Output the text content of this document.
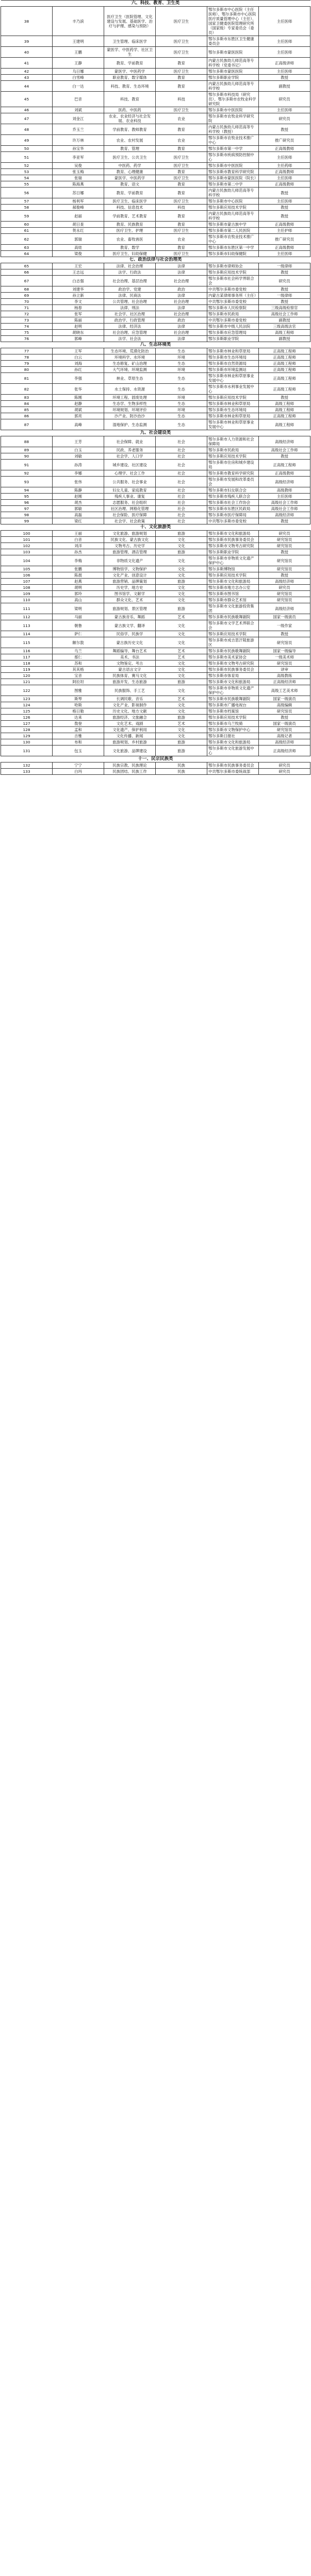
六、科技、教育、卫生类					
38	丰乃滨	医疗卫生（医院管理、文化建设与发展、基础医学、治疗与护理、感染与预防）	医疗卫生	鄂尔多斯市中心医院（主任医师）、鄂尔多斯市中心医院医疗质量管理中心（主任）、国家卫健委医院管理研究所（国家级）专家委员会（委员）	主任医师
39	王建明	卫生管理、临床医学	医疗卫生	鄂尔多斯市东胜区卫生健康委员会	主任医师
40	王鹏	蒙医学、中医药学、社区卫生	医疗卫生	鄂尔多斯市蒙医医院	主任医师
41	王静	教育、学前教育	教育	内蒙古民族幼儿师范高等专科学校（党委书记）	正高级讲师
42	乌日娜	蒙医学、中医药学	医疗卫生	鄂尔多斯市蒙医医院	主任医师
43	白雪峰	职业教育、数字媒体	教育	鄂尔多斯职业学院	教授
44	白一达	科技、教育、生态环境	教育	内蒙古民族幼儿师范高等专科学校	副教授
45	巴音	科技、教育	科技	鄂尔多斯市科技局（研究员）、鄂尔多斯市农牧业科学研究院	研究员
46	刘斌	医药、中医药	医疗卫生	鄂尔多斯市中医医院	主任医师
47	刘金江	农业、农业经济与社会发展、农业科技	农业	鄂尔多斯市农牧业科学研究院	研究员
48	乔玉兰	学前教育、教师教育	教育	内蒙古民族幼儿师范高等专科学校（教授）	教授
49	许万林	农业、农村发展	农业	鄂尔多斯市农牧业技术推广中心	推广研究员
50	孙宝华	教育、管理	教育	鄂尔多斯市第一中学	正高级教师
51	李亚军	医疗卫生、公共卫生	医疗卫生	鄂尔多斯市疾病预防控制中心	主任医师
52	吴俊	中医药、药学	医疗卫生	鄂尔多斯市中医医院	主任药师
53	张玉梅	教育、心理健康	教育	鄂尔多斯市教育科学研究院	正高级教师
54	张瑞	蒙医学、中医药学	医疗卫生	鄂尔多斯市蒙医医院（院长）	主任医师
55	陈海燕	教育、语文	教育	鄂尔多斯市第二中学	正高级教师
56	苏日娜	教育、学前教育	教育	内蒙古民族幼儿师范高等专科学校	教授
57	杨利军	医疗卫生、临床医学	医疗卫生	鄂尔多斯市中心医院	主任医师
58	郝俊峰	科技、信息技术	科技	鄂尔多斯应用技术学院	教授
59	赵丽	学前教育、艺术教育	教育	内蒙古民族幼儿师范高等专科学校	教授
60	胡日查	教育、民族教育	教育	鄂尔多斯市蒙古族中学	正高级教师
61	贺永红	医疗卫生、护理	医疗卫生	鄂尔多斯市第二人民医院	主任护师
62	郭瑞	农业、畜牧兽医	农业	鄂尔多斯市农牧业技术推广中心	推广研究员
63	高娃	教育、数学	教育	鄂尔多斯市东胜区第一中学	正高级教师
64	梁俊	医疗卫生、妇幼保健	医疗卫生	鄂尔多斯市妇幼保健院	主任医师
七、政治法律与社会治理类					
65	王宏	法律、社会治理	法律	鄂尔多斯市律师协会	一级律师
66	王志远	法学、行政法	法律	鄂尔多斯应用技术学院	教授
67	白志强	社会治理、基层治理	社会治理	鄂尔多斯市社会科学界联合会	研究员
68	刘建华	政治学、党建	政治	中共鄂尔多斯市委党校	教授
69	孙立新	法律、民商法	法律	内蒙古某律师事务所（主任）	一级律师
70	李文	公共管理、社会治理	社会治理	中共鄂尔多斯市委党校	教授
71	杨春	法律、刑法	法律	鄂尔多斯市人民检察院	三级高级检察官
72	张军	社会学、社区治理	社会治理	鄂尔多斯市民政局	高级社会工作师
73	陈丽	政治学、行政管理	政治	中共鄂尔多斯市委党校	副教授
74	赵明	法律、经济法	法律	鄂尔多斯市中级人民法院	三级高级法官
75	胡晓东	社会治理、应急管理	社会治理	鄂尔多斯市应急管理局	高级工程师
76	郭峰	法学、社会法	法律	鄂尔多斯职业学院	副教授
八、生态环境类					
77	王军	生态环境、荒漠化防治	生态	鄂尔多斯市林业和草原局	正高级工程师
78	白云	环境科学、水环境	环境	鄂尔多斯市生态环境局	正高级工程师
79	刘海	生态修复、矿山治理	生态	鄂尔多斯市自然资源局	正高级工程师
80	孙红	大气环境、环境监测	环境	鄂尔多斯市环境监测站	正高级工程师
81	李强	林业、草原生态	生态	鄂尔多斯市林业和草原事业发展中心	正高级工程师
82	张华	水土保持、水资源	生态	鄂尔多斯市水利事业发展中心	正高级工程师
83	陈刚	环境工程、固废处理	环境	鄂尔多斯应用技术学院	教授
84	赵静	生态学、生物多样性	生态	鄂尔多斯市林业和草原局	高级工程师
85	胡斌	环境规划、环境评价	环境	鄂尔多斯市生态环境局	高级工程师
86	郭亮	沙产业、防沙治沙	生态	鄂尔多斯市林业和草原局	正高级工程师
87	高峰	湿地保护、生态监测	生态	鄂尔多斯市林业和草原事业发展中心	高级工程师
九、社会建设类					
88	王芳	社会保障、就业	社会	鄂尔多斯市人力资源和社会保障局	高级经济师
89	白玉	民政、养老服务	社会	鄂尔多斯市民政局	高级社会工作师
90	刘敏	社会学、人口学	社会	鄂尔多斯应用技术学院	教授
91	孙涛	城乡建设、社区建设	社会	鄂尔多斯市住房和城乡建设局	正高级工程师
92	李娜	心理学、社会工作	社会	鄂尔多斯市教育科学研究院	正高级教师
93	张伟	公共服务、社会事业	社会	鄂尔多斯市发展和改革委员会	高级经济师
94	陈静	妇女儿童、家庭教育	社会	鄂尔多斯市妇女联合会	高级教师
95	赵刚	残疾人事业、康复	社会	鄂尔多斯市残疾人联合会	主任医师
96	胡杰	志愿服务、社会组织	社会	鄂尔多斯市社会工作协会	高级社会工作师
97	郭敏	社区治理、网格化管理	社会	鄂尔多斯市东胜区民政局	高级社会工作师
98	高磊	社会保险、医疗保障	社会	鄂尔多斯市医疗保障局	高级经济师
99	梁红	社会学、社会政策	社会	中共鄂尔多斯市委党校	教授
十、文化旅游类					
100	王丽	文化旅游、旅游规划	旅游	鄂尔多斯市文化和旅游局	研究员
101	白音	民族文化、蒙古族文化	文化	鄂尔多斯市民族事务委员会	研究馆员
102	刘洋	文物考古、历史学	文化	鄂尔多斯市文物考古研究院	研究馆员
103	孙杰	旅游管理、酒店管理	旅游	鄂尔多斯职业学院	教授
104	李梅	非物质文化遗产	文化	鄂尔多斯市非物质文化遗产保护中心	研究馆员
105	张鹏	博物馆学、文物保护	文化	鄂尔多斯博物馆	研究馆员
106	陈晨	文化产业、创意设计	文化	鄂尔多斯应用技术学院	教授
107	赵燕	旅游营销、品牌策划	旅游	鄂尔多斯市文化和旅游局	高级经济师
108	胡明	历史学、地方史	文化	鄂尔多斯市地方志办公室	研究员
109	郭玲	图书馆学、文献学	文化	鄂尔多斯市图书馆	研究馆员
110	高山	群众文化、艺术	文化	鄂尔多斯市群众艺术馆	研究馆员
111	梁明	旅游规划、景区管理	旅游	鄂尔多斯市文化旅游投资集团	高级经济师
112	马丽	蒙古族音乐、舞蹈	艺术	鄂尔多斯市民族歌舞剧院	国家一级演员
113	朝鲁	蒙古族文学、翻译	文化	鄂尔多斯市文学艺术界联合会	一级作家
114	萨仁	民俗学、民族学	文化	鄂尔多斯应用技术学院	教授
115	额尔敦	蒙古族历史文化	文化	鄂尔多斯市成吉思汗陵旅游区	研究馆员
116	乌兰	舞蹈编导、舞台艺术	艺术	鄂尔多斯市民族歌舞剧院	国家一级编导
117	那仁	美术、书法	艺术	鄂尔多斯市美术家协会	一级美术师
118	苏和	文物鉴定、考古	文化	鄂尔多斯市文物考古研究院	研究馆员
119	其其格	蒙古语言文字	文化	鄂尔多斯市民族事务委员会	译审
120	宝音	民族体育、赛马文化	文化	鄂尔多斯市体育局	高级教练
121	阿拉坦	旅游开发、生态旅游	旅游	鄂尔多斯市文化和旅游局	正高级经济师
122	图雅	民族服饰、手工艺	文化	鄂尔多斯市非物质文化遗产保护中心	高级工艺美术师
123	斯琴	长调民歌、音乐	艺术	鄂尔多斯市民族歌舞剧院	国家一级演员
124	哈斯	文化产业、影视制作	文化	鄂尔多斯市广播电视台	高级编辑
125	格日勒	历史文化、地方文献	文化	鄂尔多斯市档案馆	研究馆员
126	达来	旅游经济、文旅融合	旅游	鄂尔多斯应用技术学院	教授
127	敖登	文化艺术、戏剧	艺术	鄂尔多斯市乌兰牧骑	国家一级演员
128	孟和	文化遗产、保护利用	文化	鄂尔多斯市文物保护中心	研究馆员
129	吉雅	文化传播、新闻	文化	鄂尔多斯日报社	高级记者
130	布和	旅游规划、乡村旅游	旅游	鄂尔多斯市文化和旅游局	高级经济师
131	包玉	文化旅游、品牌建设	旅游	鄂尔多斯市文化旅游发展中心	正高级经济师
十一、民宗民族类					
132	宁宁	民族宗教、民族理论	民族	鄂尔多斯市民族事务委员会	研究员
133	白玛	民族团结、民族工作	民族	中共鄂尔多斯市委统战部	研究员
